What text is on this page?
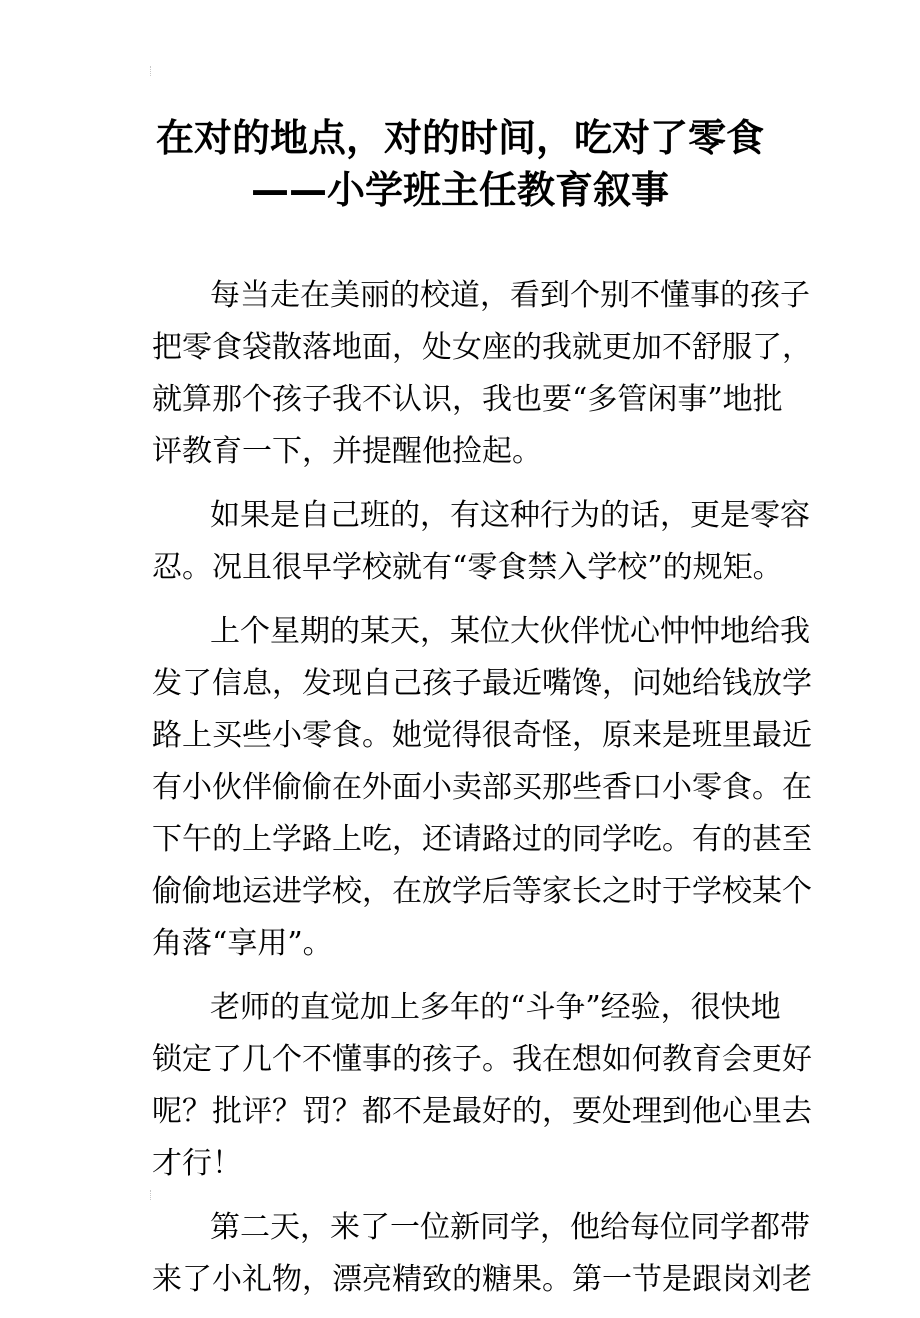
在对的地点，对的时间，吃对了零食
——小学班主任教育叙事
每当走在美丽的校道，看到个别不懂事的孩子
把零食袋散落地面，处女座的我就更加不舒服了，
就算那个孩子我不认识，我也要“多管闲事”地批
评教育一下，并提醒他捡起。
如果是自己班的，有这种行为的话，更是零容
忍。况且很早学校就有“零食禁入学校”的规矩。
上个星期的某天，某位大伙伴忧心忡忡地给我
发了信息，发现自己孩子最近嘴馋，问她给钱放学
路上买些小零食。她觉得很奇怪，原来是班里最近
有小伙伴偷偷在外面小卖部买那些香口小零食。在
下午的上学路上吃，还请路过的同学吃。有的甚至
偷偷地运进学校，在放学后等家长之时于学校某个
角落“享用”。
老师的直觉加上多年的“斗争”经验，很快地
锁定了几个不懂事的孩子。我在想如何教育会更好
呢？批评？罚？都不是最好的，要处理到他心里去
才行！
第二天，来了一位新同学，他给每位同学都带
来了小礼物，漂亮精致的糖果。第一节是跟岗刘老
